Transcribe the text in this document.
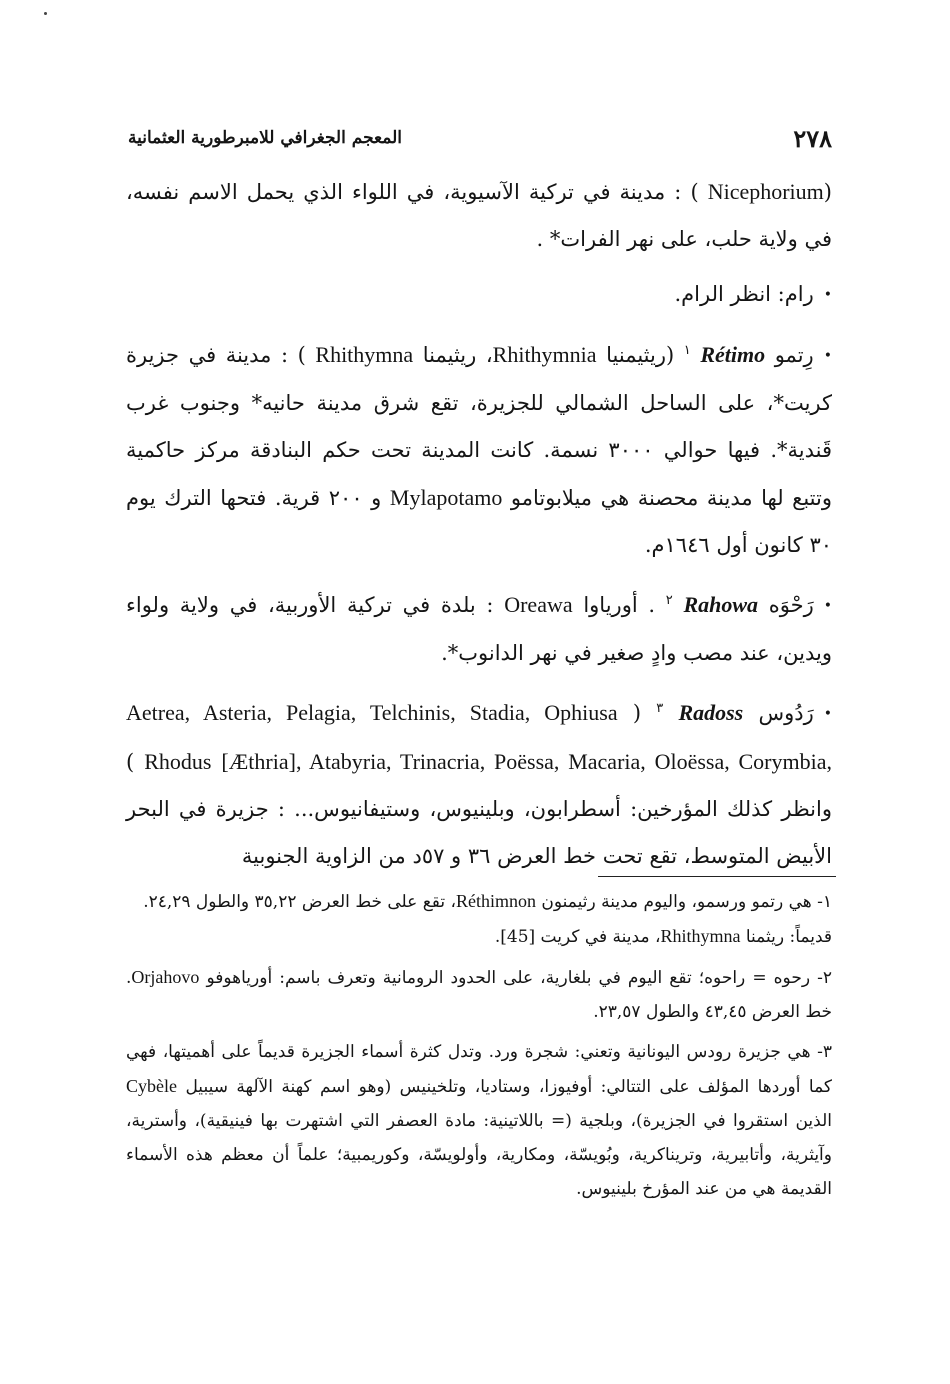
٢٧٨
المعجم الجغرافي للامبرطورية العثمانية

(Nicephorium ) : مدينة في تركية الآسيوية، في اللواء الذي يحمل الاسم نفسه، في ولاية حلب، على نهر الفرات* .

•رام: انظر الرام.

•رِتمو Rétimo $^١$ (ريثيمنيا Rhithymnia، ريثيمنا Rhithymna ) : مدينة في جزيرة كريت*، على الساحل الشمالي للجزيرة، تقع شرق مدينة حانيه* وجنوب غرب قَندية*. فيها حوالي ٣٠٠٠ نسمة. كانت المدينة تحت حكم البنادقة مركز حاكمية وتتبع لها مدينة محصنة هي ميلابوتامو Mylapotamo و ٢٠٠ قرية. فتحها الترك يوم ٣٠ كانون أول ١٦٤٦م.

•رَحْوَه Rahowa $^٢$ . أورياوا Oreawa : بلدة في تركية الأوربية، في ولاية ولواء ويدين، عند مصب وادٍ صغير في نهر الدانوب*.

•رَدُوس Radoss $^٣$ ( Aetrea, Asteria, Pelagia, Telchinis, Stadia, Ophiusa [Æthria], Atabyria, Trinacria, Poëssa, Macaria, Oloëssa, Corymbia, Rhodus ) وانظر كذلك المؤرخين: أسطرابون، وبلينيوس، وستيفانيوس... : جزيرة في البحر الأبيض المتوسط، تقع تحت خط العرض ٣٦ و ٥٧د من الزاوية الجنوبية

١- هي رتمو ورسمو، واليوم مدينة رثيمنون Réthimnon، تقع على خط العرض ٣٥,٢٢ والطول ٢٤,٢٩.

قديماً: ريثمنا Rhithymna، مدينة في كريت [45].

٢- رحوه = راحوه؛ تقع اليوم في بلغارية، على الحدود الرومانية وتعرف باسم: أورياهوفو Orjahovo. خط العرض ٤٣,٤٥ والطول ٢٣,٥٧.

٣- هي جزيرة رودس اليونانية وتعني: شجرة ورد. وتدل كثرة أسماء الجزيرة قديماً على أهميتها، فهي كما أوردها المؤلف على التتالي: أوفيوزا، وستاديا، وتلخينيس (وهو اسم كهنة الآلهة سيبيل Cybèle الذين استقروا في الجزيرة)، وبلجية (= باللاتينية: مادة العصفر التي اشتهرت بها فينيقية)، وأسترية، وآيثرية، وأتابيرية، وتريناكرية، وبُويسّة، ومكارية، وأولويسّة، وكوريمبية؛ علماً أن معظم هذه الأسماء القديمة هي من عند المؤرخ بلينيوس.
